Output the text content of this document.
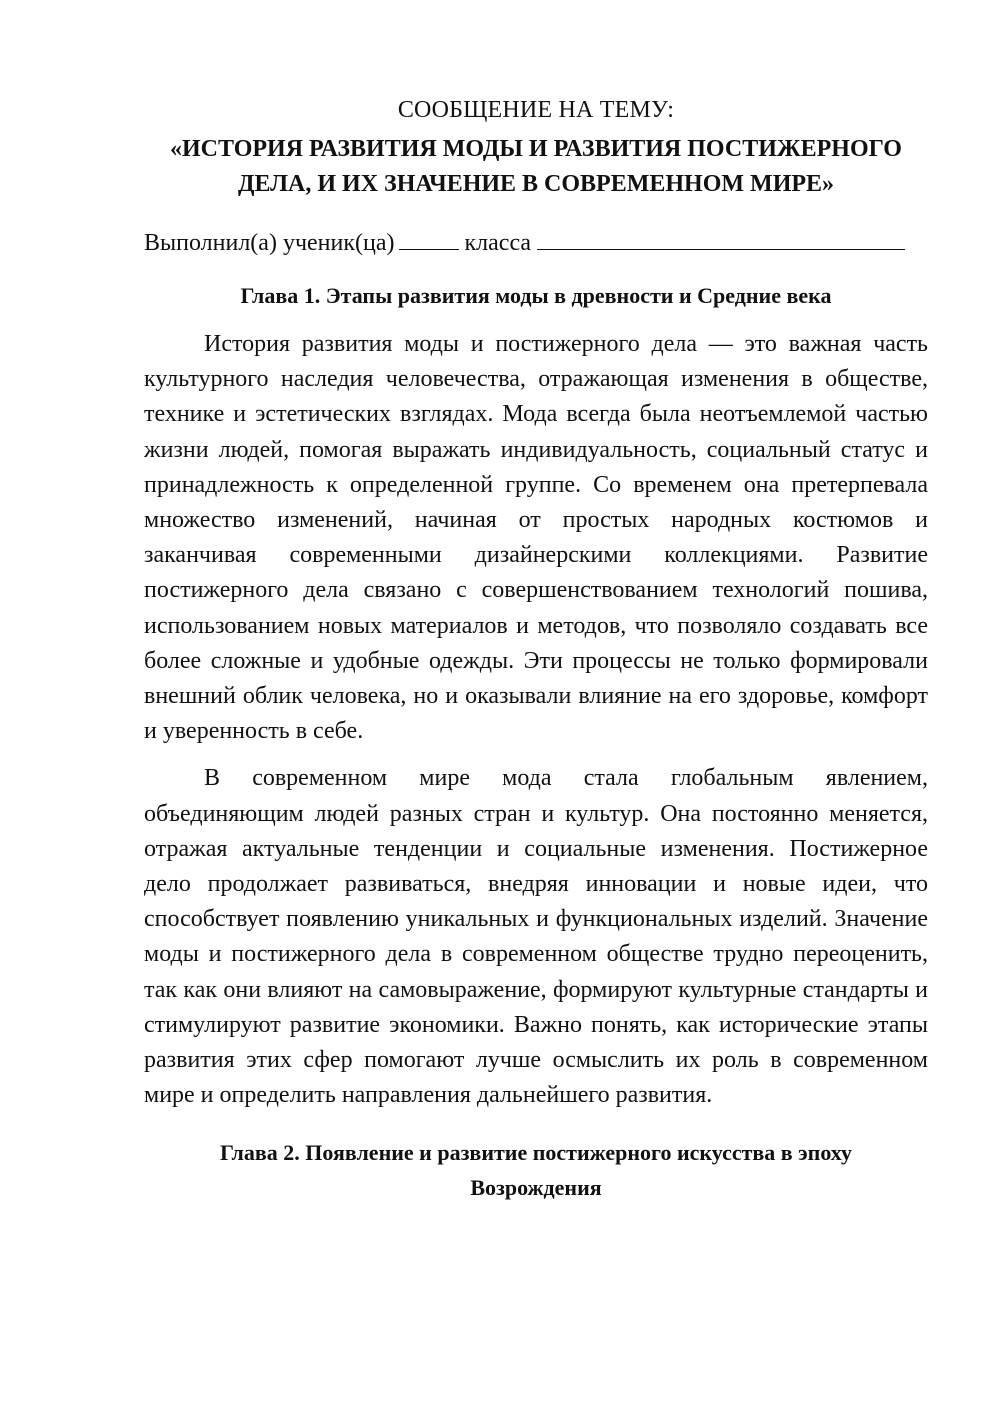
СООБЩЕНИЕ НА ТЕМУ:
«ИСТОРИЯ РАЗВИТИЯ МОДЫ И РАЗВИТИЯ ПОСТИЖЕРНОГО ДЕЛА, И ИХ ЗНАЧЕНИЕ В СОВРЕМЕННОМ МИРЕ»
Выполнил(а) ученик(ца)	класса
Глава 1. Этапы развития моды в древности и Средние века

История развития моды и постижерного дела — это важная часть культурного наследия человечества, отражающая изменения в обществе, технике и эстетических взглядах. Мода всегда была неотъемлемой частью жизни людей, помогая выражать индивидуальность, социальный статус и принадлежность к определенной группе. Со временем она претерпевала множество изменений, начиная от простых народных костюмов и заканчивая современными дизайнерскими коллекциями. Развитие постижерного дела связано с совершенствованием технологий пошива, использованием новых материалов и методов, что позволяло создавать все более сложные и удобные одежды. Эти процессы не только формировали внешний облик человека, но и оказывали влияние на его здоровье, комфорт и уверенность в себе.

В современном мире мода стала глобальным явлением, объединяющим людей разных стран и культур. Она постоянно меняется, отражая актуальные тенденции и социальные изменения. Постижерное дело продолжает развиваться, внедряя инновации и новые идеи, что способствует появлению уникальных и функциональных изделий. Значение моды и постижерного дела в современном обществе трудно переоценить, так как они влияют на самовыражение, формируют культурные стандарты и стимулируют развитие экономики. Важно понять, как исторические этапы развития этих сфер помогают лучше осмыслить их роль в современном мире и определить направления дальнейшего развития.

Глава 2. Появление и развитие постижерного искусства в эпоху Возрождения
